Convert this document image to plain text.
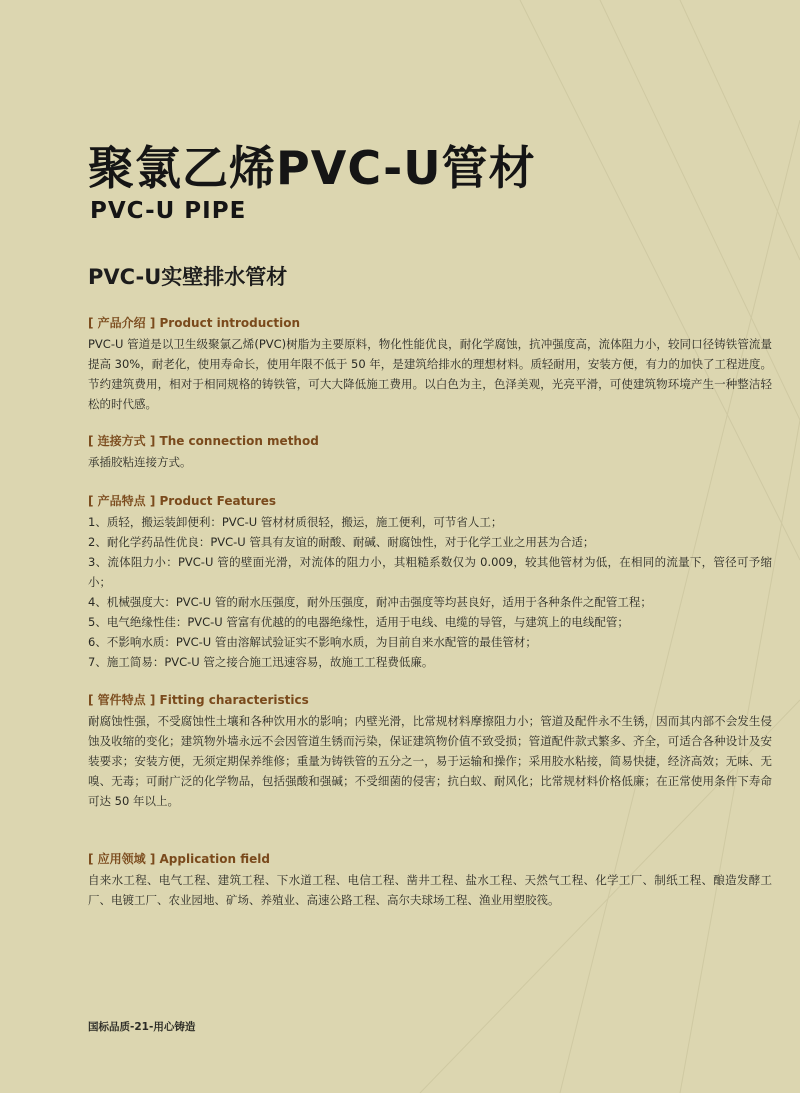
聚氯乙烯PVC-U管材
PVC-U PIPE
PVC-U实壁排水管材

[ 产品介绍 ] Product introduction

PVC-U 管道是以卫生级聚氯乙烯(PVC)树脂为主要原料，物化性能优良，耐化学腐蚀，抗冲强度高，流体阻力小，较同口径铸铁管流量提高 30%，耐老化，使用寿命长，使用年限不低于 50 年，是建筑给排水的理想材料。质轻耐用，安装方便，有力的加快了工程进度。节约建筑费用，相对于相同规格的铸铁管，可大大降低施工费用。以白色为主，色泽美观，光亮平滑，可使建筑物环境产生一种整洁轻松的时代感。

[ 连接方式 ] The connection method

承插胶粘连接方式。

[ 产品特点 ] Product Features

1、质轻，搬运装卸便利：PVC-U 管材材质很轻，搬运，施工便利，可节省人工；

2、耐化学药品性优良：PVC-U 管具有友谊的耐酸、耐碱、耐腐蚀性，对于化学工业之用甚为合适；

3、流体阻力小：PVC-U 管的壁面光滑，对流体的阻力小，其粗糙系数仅为 0.009，较其他管材为低，在相同的流量下，管径可予缩小；

4、机械强度大：PVC-U 管的耐水压强度，耐外压强度，耐冲击强度等均甚良好，适用于各种条件之配管工程；

5、电气绝缘性佳：PVC-U 管富有优越的的电器绝缘性，适用于电线、电缆的导管，与建筑上的电线配管；

6、不影响水质：PVC-U 管由溶解试验证实不影响水质，为目前自来水配管的最佳管材；

7、施工简易：PVC-U 管之接合施工迅速容易，故施工工程费低廉。

[ 管件特点 ] Fitting characteristics

耐腐蚀性强，不受腐蚀性土壤和各种饮用水的影响；内壁光滑，比常规材料摩擦阻力小；管道及配件永不生锈，因而其内部不会发生侵蚀及收缩的变化；建筑物外墙永远不会因管道生锈而污染，保证建筑物价值不致受损；管道配件款式繁多、齐全，可适合各种设计及安装要求；安装方便，无须定期保养维修；重量为铸铁管的五分之一，易于运输和操作；采用胶水粘接，简易快捷，经济高效；无味、无嗅、无毒；可耐广泛的化学物品，包括强酸和强碱；不受细菌的侵害；抗白蚁、耐风化；比常规材料价格低廉；在正常使用条件下寿命可达 50 年以上。

[ 应用领域 ] Application field

自来水工程、电气工程、建筑工程、下水道工程、电信工程、凿井工程、盐水工程、天然气工程、化学工厂、制纸工程、酿造发酵工厂、电镀工厂、农业园地、矿场、养殖业、高速公路工程、高尔夫球场工程、渔业用塑胶筏。

国标品质-21-用心铸造
